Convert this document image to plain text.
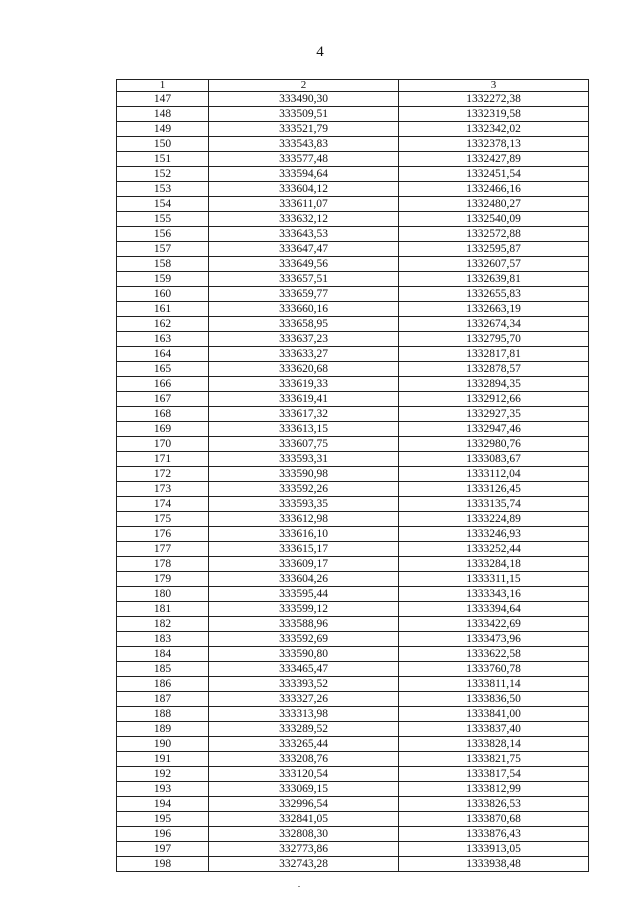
4
1	2	3
147	333490,30	1332272,38
148	333509,51	1332319,58
149	333521,79	1332342,02
150	333543,83	1332378,13
151	333577,48	1332427,89
152	333594,64	1332451,54
153	333604,12	1332466,16
154	333611,07	1332480,27
155	333632,12	1332540,09
156	333643,53	1332572,88
157	333647,47	1332595,87
158	333649,56	1332607,57
159	333657,51	1332639,81
160	333659,77	1332655,83
161	333660,16	1332663,19
162	333658,95	1332674,34
163	333637,23	1332795,70
164	333633,27	1332817,81
165	333620,68	1332878,57
166	333619,33	1332894,35
167	333619,41	1332912,66
168	333617,32	1332927,35
169	333613,15	1332947,46
170	333607,75	1332980,76
171	333593,31	1333083,67
172	333590,98	1333112,04
173	333592,26	1333126,45
174	333593,35	1333135,74
175	333612,98	1333224,89
176	333616,10	1333246,93
177	333615,17	1333252,44
178	333609,17	1333284,18
179	333604,26	1333311,15
180	333595,44	1333343,16
181	333599,12	1333394,64
182	333588,96	1333422,69
183	333592,69	1333473,96
184	333590,80	1333622,58
185	333465,47	1333760,78
186	333393,52	1333811,14
187	333327,26	1333836,50
188	333313,98	1333841,00
189	333289,52	1333837,40
190	333265,44	1333828,14
191	333208,76	1333821,75
192	333120,54	1333817,54
193	333069,15	1333812,99
194	332996,54	1333826,53
195	332841,05	1333870,68
196	332808,30	1333876,43
197	332773,86	1333913,05
198	332743,28	1333938,48
